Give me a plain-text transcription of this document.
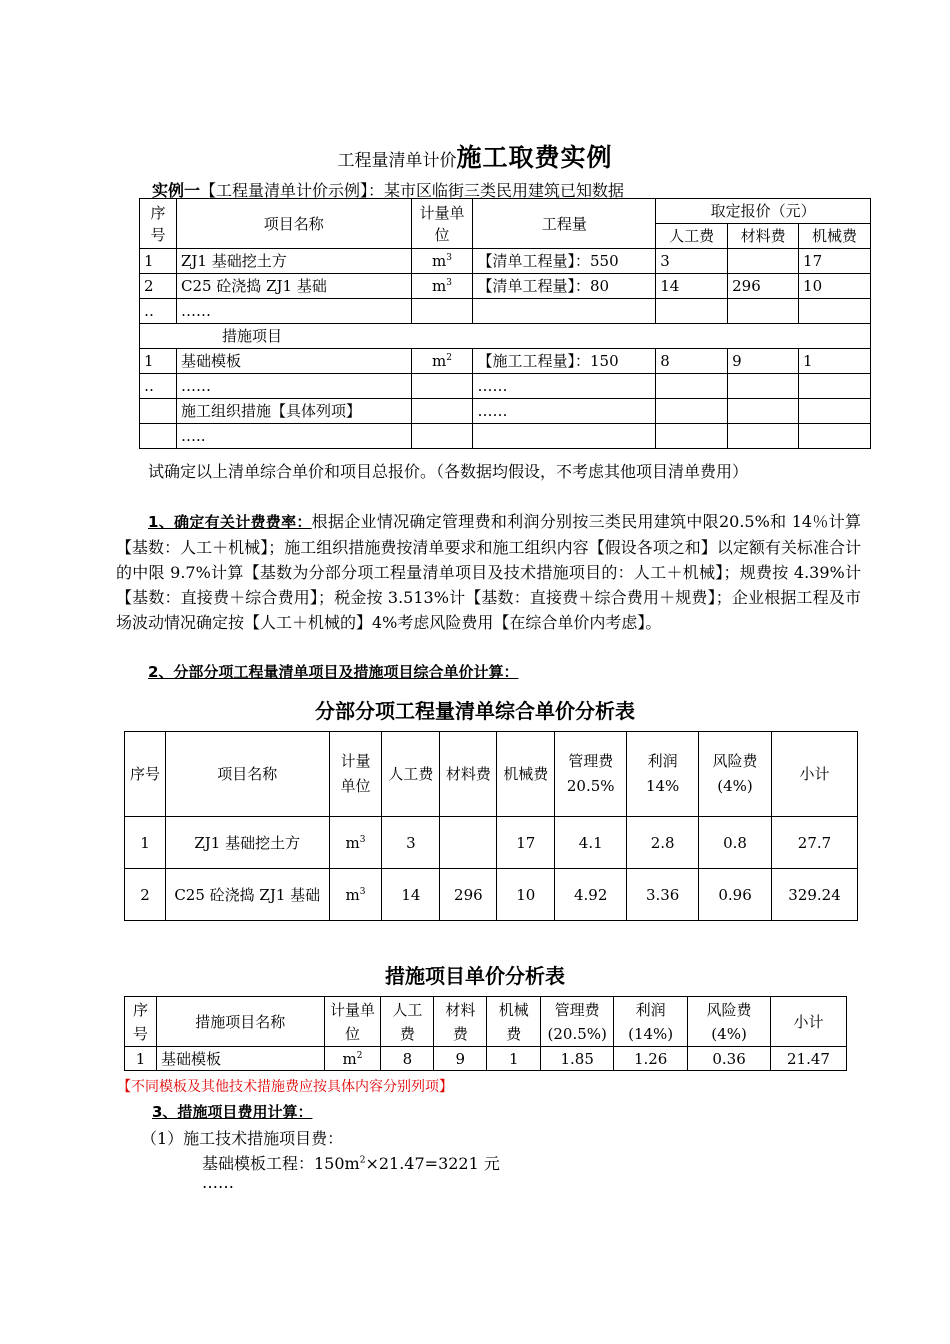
工程量清单计价施工取费实例
实例一【工程量清单计价示例】：某市区临街三类民用建筑已知数据
序号	项目名称	计量单位	工程量	取定报价（元）		
				人工费	材料费	机械费
1	ZJ1 基础挖土方	$m^3$	【清单工程量】：550	3		17
2	C25 砼浇捣 ZJ1 基础	$m^3$	【清单工程量】：80	14	296	10
‥	……					
措施项目						
1	基础模板	$m^2$	【施工工程量】：150	8	9	1
‥	……		……			
	施工组织措施【具体列项】		……			
	…..					
试确定以上清单综合单价和项目总报价。（各数据均假设，不考虑其他项目清单费用）
1、确定有关计费费率：根据企业情况确定管理费和利润分别按三类民用建筑中限20.5%和 14％计算【基数：人工＋机械】；施工组织措施费按清单要求和施工组织内容【假设各项之和】以定额有关标准合计的中限 9.7%计算【基数为分部分项工程量清单项目及技术措施项目的：人工＋机械】；规费按 4.39%计【基数：直接费＋综合费用】；税金按 3.513%计【基数：直接费＋综合费用＋规费】；企业根据工程及市场波动情况确定按【人工＋机械的】4%考虑风险费用【在综合单价内考虑】。
2、分部分项工程量清单项目及措施项目综合单价计算：
分部分项工程量清单综合单价分析表
序号	项目名称	计量单位	人工费	材料费	机械费	管理费 20.5%	利润 14%	风险费 (4%)	小计
1	ZJ1 基础挖土方	$m^3$	3		17	4.1	2.8	0.8	27.7
2	C25 砼浇捣 ZJ1 基础	$m^3$	14	296	10	4.92	3.36	0.96	329.24
措施项目单价分析表
序号	措施项目名称	计量单位	人工费	材料费	机械费	管理费 (20.5%)	利润 (14%)	风险费 (4%)	小计
1	基础模板	$m^2$	8	9	1	1.85	1.26	0.36	21.47
【不同模板及其他技术措施费应按具体内容分别列项】
3、措施项目费用计算：
（1）施工技术措施项目费：
基础模板工程：$150m^2\times 21.47=3221$ 元
……
